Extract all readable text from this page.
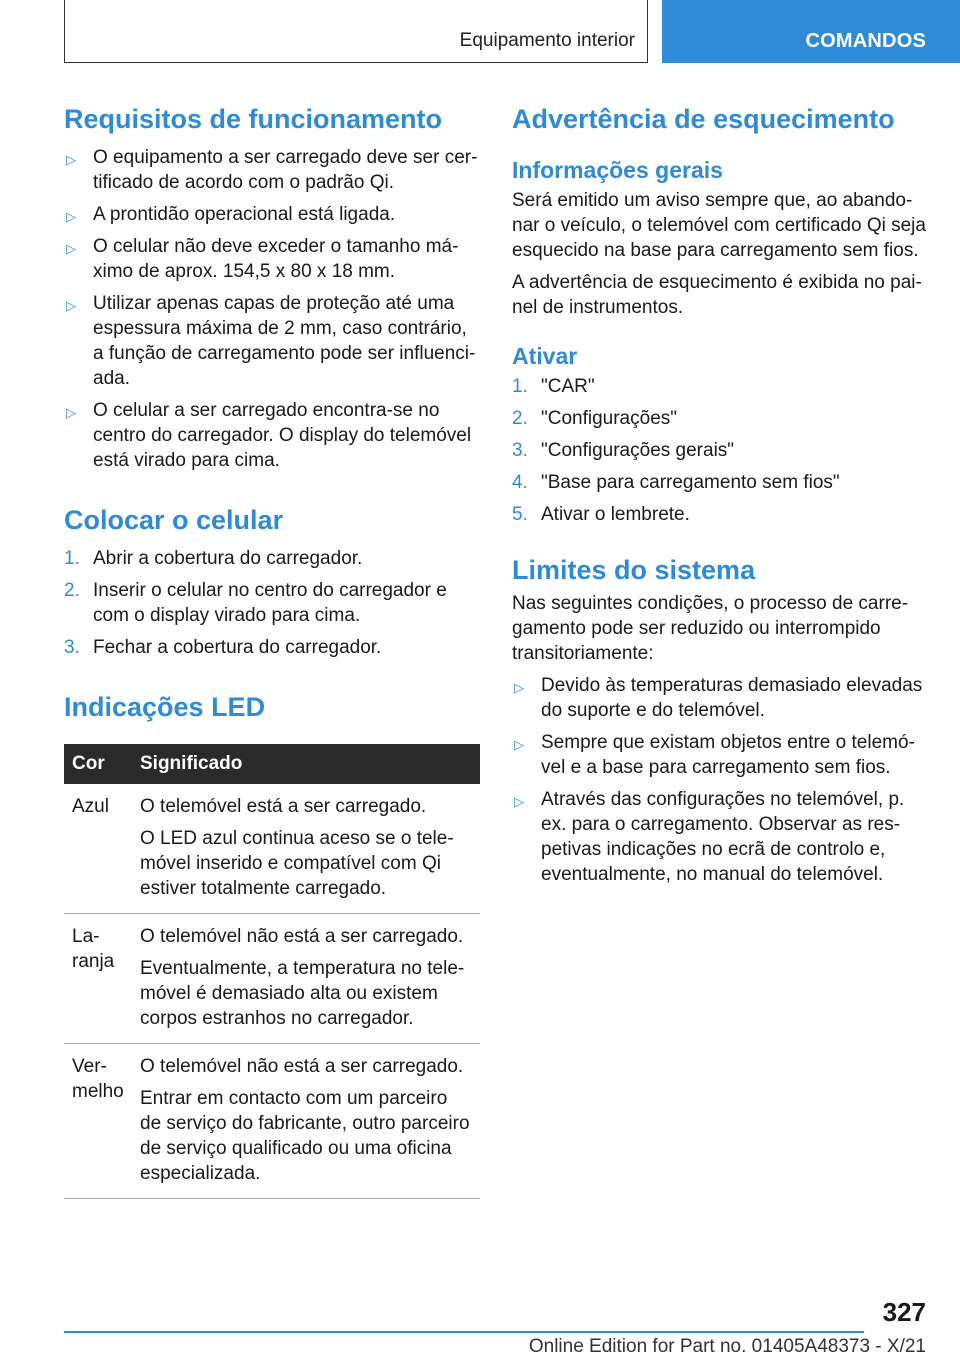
Equipamento interior	COMANDOS
Requisitos de funcionamento
▷ O equipamento a ser carregado deve ser certificado de acordo com o padrão Qi.
▷ A prontidão operacional está ligada.
▷ O celular não deve exceder o tamanho máximo de aprox. 154,5 x 80 x 18 mm.
▷ Utilizar apenas capas de proteção até uma espessura máxima de 2 mm, caso contrário, a função de carregamento pode ser influenciada.
▷ O celular a ser carregado encontra-se no centro do carregador. O display do telemóvel está virado para cima.
Colocar o celular
1. Abrir a cobertura do carregador.
2. Inserir o celular no centro do carregador e com o display virado para cima.
3. Fechar a cobertura do carregador.
Indicações LED
Cor	Significado
Azul	O telemóvel está a ser carregado.

O LED azul continua aceso se o telemóvel inserido e compatível com Qi estiver totalmente carregado.

Laranja	O telemóvel não está a ser carregado.

Eventualmente, a temperatura no telemóvel é demasiado alta ou existem corpos estranhos no carregador.

Vermelho	O telemóvel não está a ser carregado.

Entrar em contacto com um parceiro de serviço do fabricante, outro parceiro de serviço qualificado ou uma oficina especializada.

Advertência de esquecimento
Informações gerais

Será emitido um aviso sempre que, ao abandonar o veículo, o telemóvel com certificado Qi seja esquecido na base para carregamento sem fios.

A advertência de esquecimento é exibida no painel de instrumentos.

Ativar
1. "CAR"
2. "Configurações"
3. "Configurações gerais"
4. "Base para carregamento sem fios"
5. Ativar o lembrete.
Limites do sistema

Nas seguintes condições, o processo de carregamento pode ser reduzido ou interrompido transitoriamente:

▷ Devido às temperaturas demasiado elevadas do suporte e do telemóvel.
▷ Sempre que existam objetos entre o telemóvel e a base para carregamento sem fios.
▷ Através das configurações no telemóvel, p. ex. para o carregamento. Observar as respetivas indicações no ecrã de controlo e, eventualmente, no manual do telemóvel.
327
Online Edition for Part no. 01405A48373 - X/21
